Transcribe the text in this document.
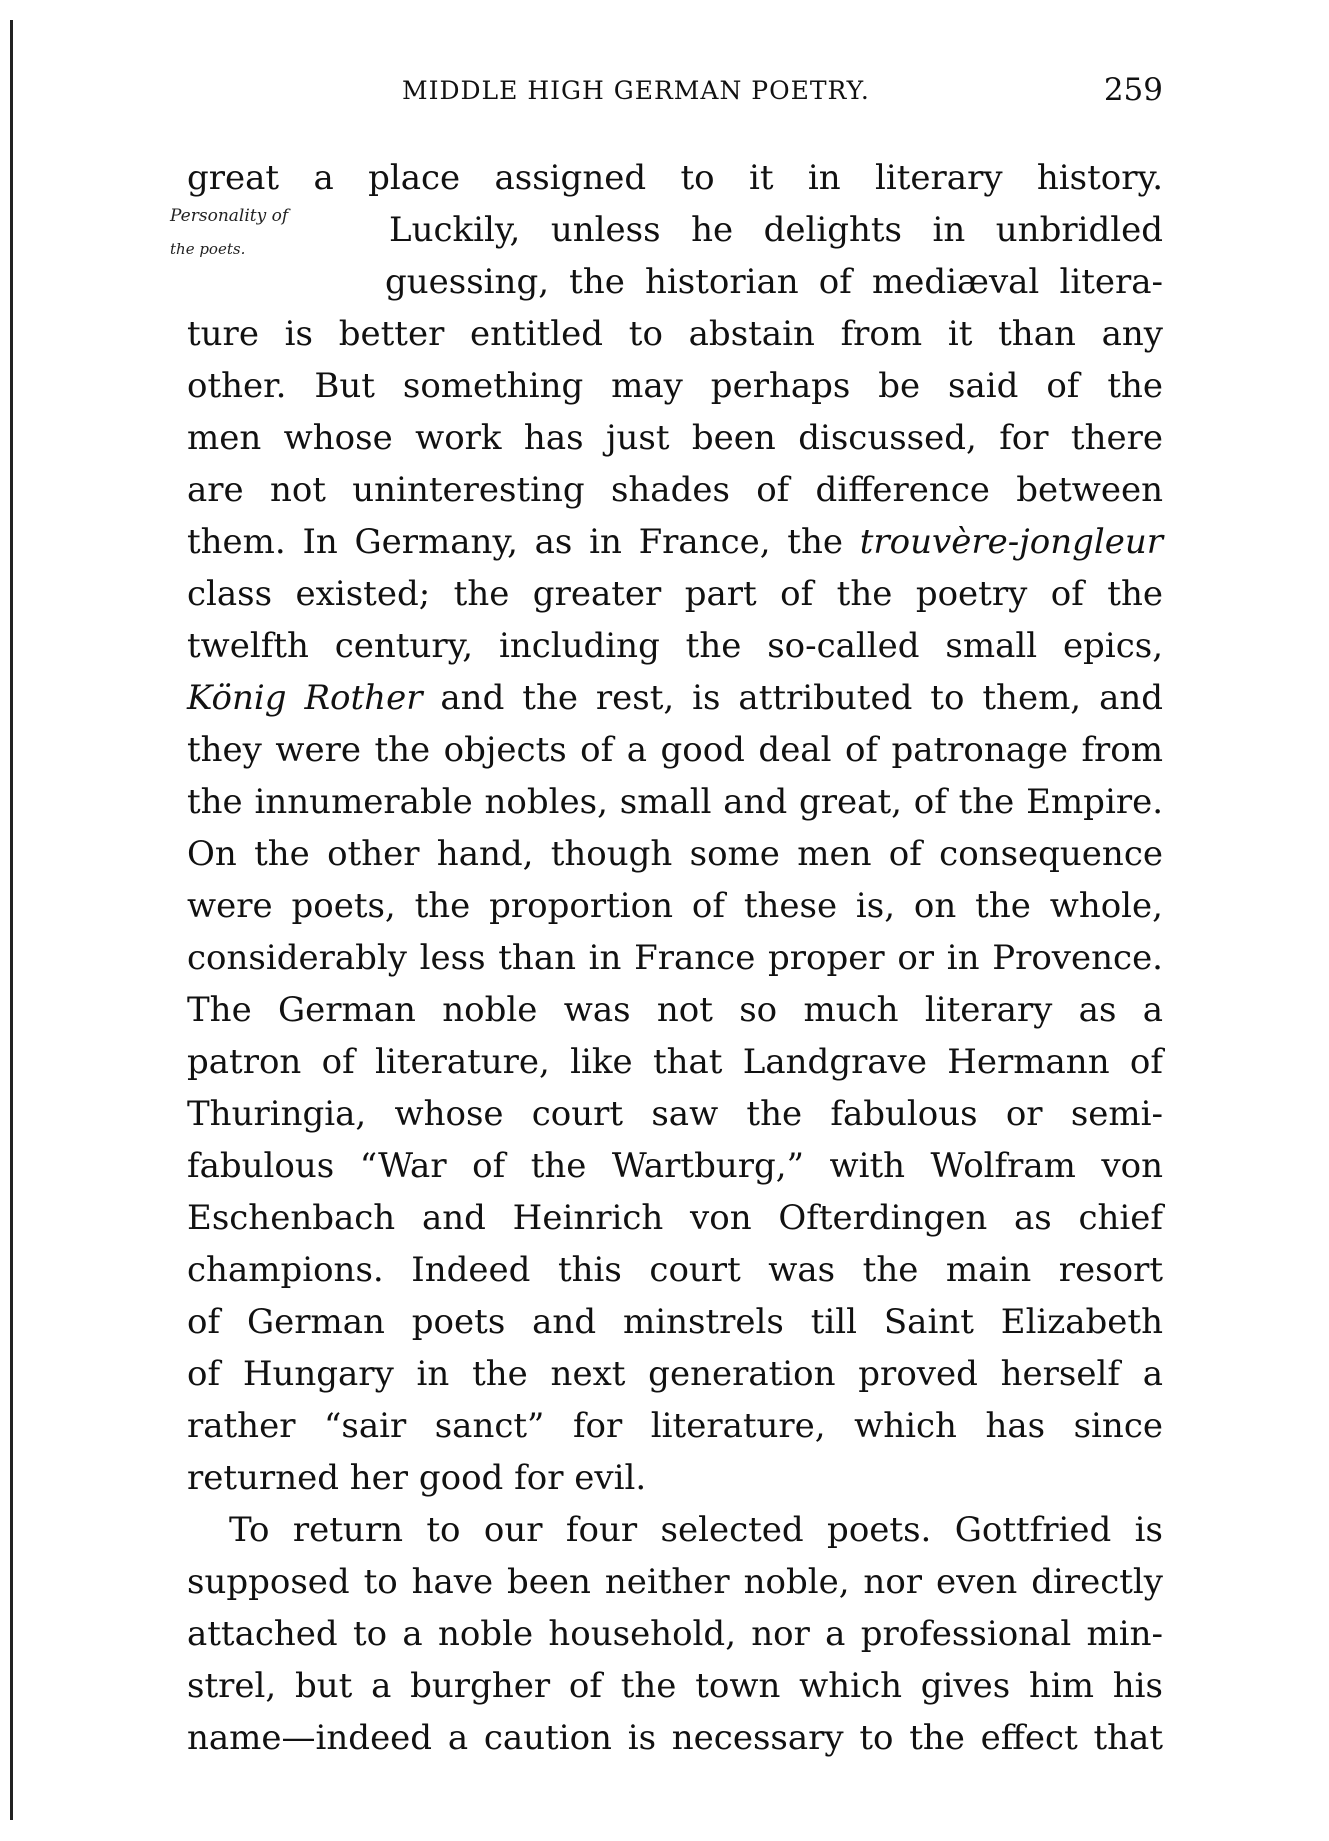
MIDDLE HIGH GERMAN POETRY.	259
Personality of
the poets.
great a place assigned to it in literary history.
Luckily, unless he delights in unbridled
guessing, the historian of mediæval litera-
ture is better entitled to abstain from it than any
other. But something may perhaps be said of the
men whose work has just been discussed, for there
are not uninteresting shades of difference between
them. In Germany, as in France, the trouvère-jongleur
class existed; the greater part of the poetry of the
twelfth century, including the so-called small epics,
König Rother and the rest, is attributed to them, and
they were the objects of a good deal of patronage from
the innumerable nobles, small and great, of the Empire.
On the other hand, though some men of consequence
were poets, the proportion of these is, on the whole,
considerably less than in France proper or in Provence.
The German noble was not so much literary as a
patron of literature, like that Landgrave Hermann of
Thuringia, whose court saw the fabulous or semi-
fabulous “War of the Wartburg,” with Wolfram von
Eschenbach and Heinrich von Ofterdingen as chief
champions. Indeed this court was the main resort
of German poets and minstrels till Saint Elizabeth
of Hungary in the next generation proved herself a
rather “sair sanct” for literature, which has since
returned her good for evil.
To return to our four selected poets. Gottfried is
supposed to have been neither noble, nor even directly
attached to a noble household, nor a professional min-
strel, but a burgher of the town which gives him his
name—indeed a caution is necessary to the effect that
